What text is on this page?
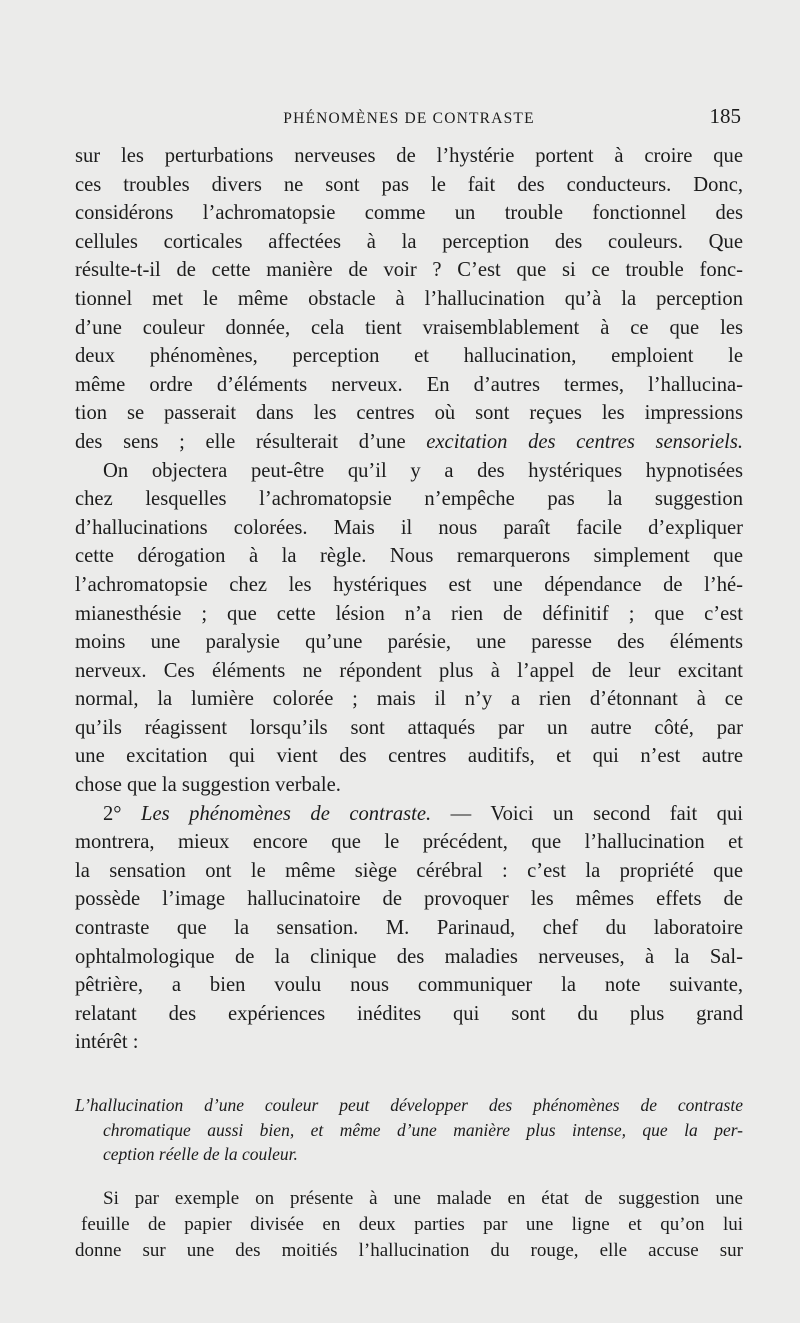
PHÉNOMÈNES DE CONTRASTE	185

sur les perturbations nerveuses de l’hystérie portent à croire que
ces troubles divers ne sont pas le fait des conducteurs. Donc,
considérons l’achromatopsie comme un trouble fonctionnel des
cellules corticales affectées à la perception des couleurs. Que
résulte-t-il de cette manière de voir ? C’est que si ce trouble fonc-
tionnel met le même obstacle à l’hallucination qu’à la perception
d’une couleur donnée, cela tient vraisemblablement à ce que les
deux phénomènes, perception et hallucination, emploient le
même ordre d’éléments nerveux. En d’autres termes, l’hallucina-
tion se passerait dans les centres où sont reçues les impressions
des sens ; elle résulterait d’une excitation des centres sensoriels.

On objectera peut-être qu’il y a des hystériques hypnotisées
chez lesquelles l’achromatopsie n’empêche pas la suggestion
d’hallucinations colorées. Mais il nous paraît facile d’expliquer
cette dérogation à la règle. Nous remarquerons simplement que
l’achromatopsie chez les hystériques est une dépendance de l’hé-
mianesthésie ; que cette lésion n’a rien de définitif ; que c’est
moins une paralysie qu’une parésie, une paresse des éléments
nerveux. Ces éléments ne répondent plus à l’appel de leur excitant
normal, la lumière colorée ; mais il n’y a rien d’étonnant à ce
qu’ils réagissent lorsqu’ils sont attaqués par un autre côté, par
une excitation qui vient des centres auditifs, et qui n’est autre
chose que la suggestion verbale.

2° Les phénomènes de contraste. — Voici un second fait qui
montrera, mieux encore que le précédent, que l’hallucination et
la sensation ont le même siège cérébral : c’est la propriété que
possède l’image hallucinatoire de provoquer les mêmes effets de
contraste que la sensation. M. Parinaud, chef du laboratoire
ophtalmologique de la clinique des maladies nerveuses, à la Sal-
pêtrière, a bien voulu nous communiquer la note suivante,
relatant des expériences inédites qui sont du plus grand
intérêt :

L’hallucination d’une couleur peut développer des phénomènes de contraste
chromatique aussi bien, et même d’une manière plus intense, que la per-
ception réelle de la couleur.
Si par exemple on présente à une malade en état de suggestion une
feuille de papier divisée en deux parties par une ligne et qu’on lui
donne sur une des moitiés l’hallucination du rouge, elle accuse sur
